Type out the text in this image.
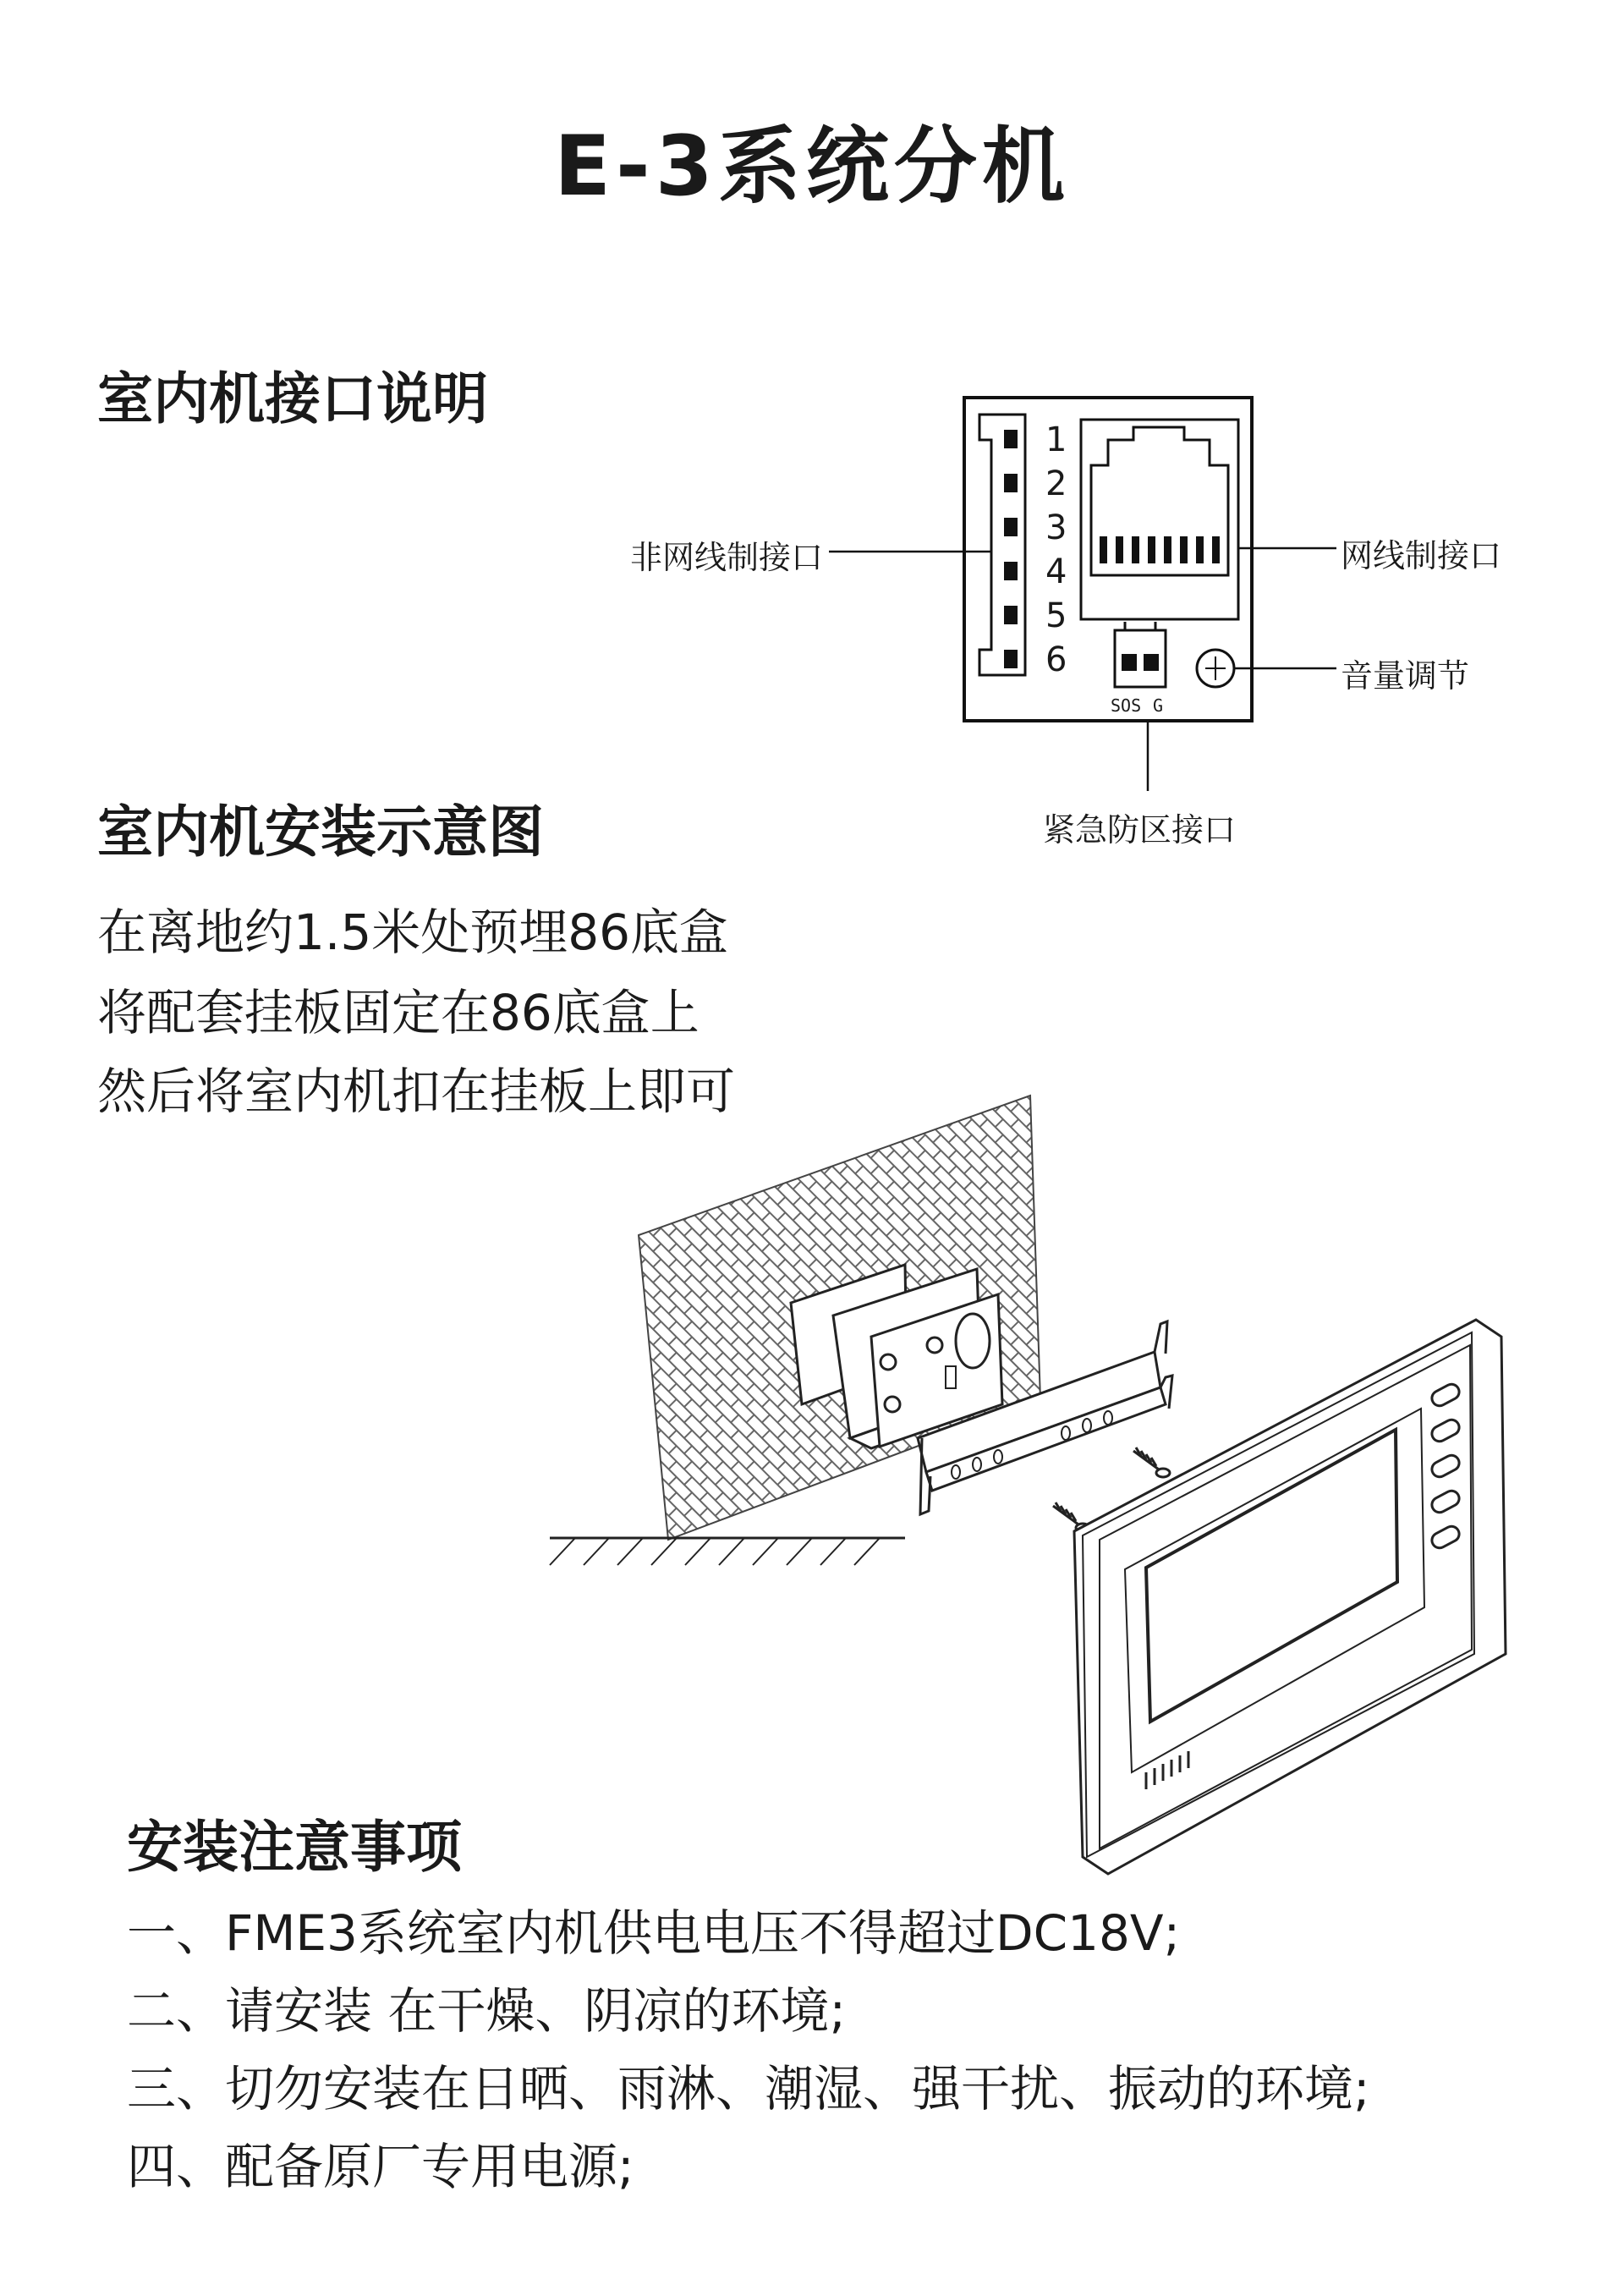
E-3系统分机
室内机接口说明
1
2
3
4
5
6
SOS G
非网线制接口	网线制接口
音量调节
紧急防区接口
室内机安装示意图
在离地约1.5米处预埋86底盒
将配套挂板固定在86底盒上
然后将室内机扣在挂板上即可
安装注意事项
一、FME3系统室内机供电电压不得超过DC18V;
二、请安装 在干燥、阴凉的环境;
三、切勿安装在日晒、雨淋、潮湿、强干扰、振动的环境;
四、配备原厂专用电源;
